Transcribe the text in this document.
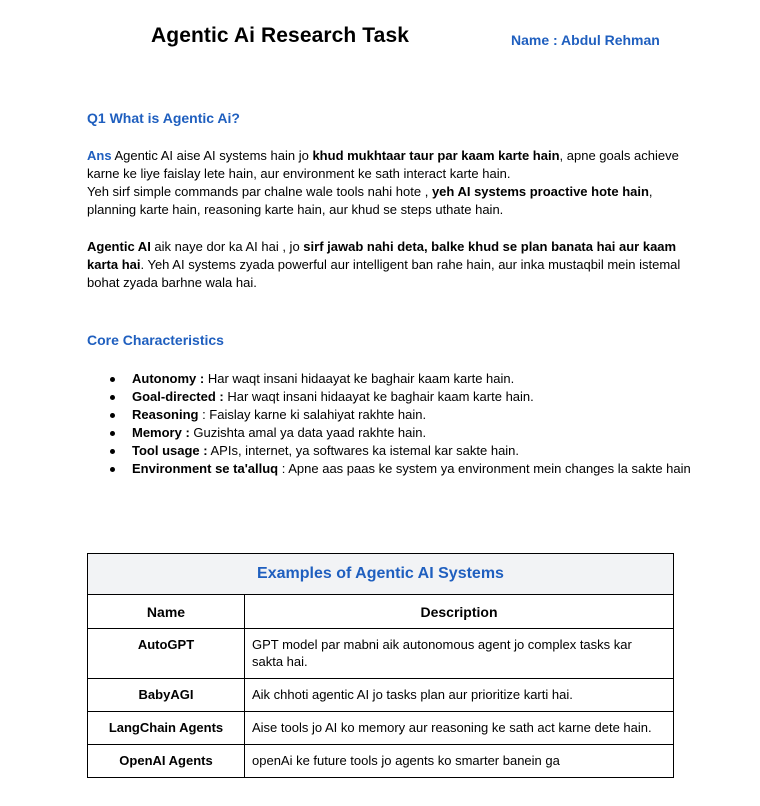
Agentic Ai Research Task	Name : Abdul Rehman
Q1 What is Agentic Ai?
Ans Agentic AI aise AI systems hain jo khud mukhtaar taur par kaam karte hain, apne goals achieve karne ke liye faislay lete hain, aur environment ke sath interact karte hain.
Yeh sirf simple commands par chalne wale tools nahi hote , yeh AI systems proactive hote hain, planning karte hain, reasoning karte hain, aur khud se steps uthate hain.
Agentic AI aik naye dor ka AI hai , jo sirf jawab nahi deta, balke khud se plan banata hai aur kaam karta hai. Yeh AI systems zyada powerful aur intelligent ban rahe hain, aur inka mustaqbil mein istemal bohat zyada barhne wala hai.
Core Characteristics
Autonomy : Har waqt insani hidaayat ke baghair kaam karte hain.
Goal-directed : Har waqt insani hidaayat ke baghair kaam karte hain.
Reasoning : Faislay karne ki salahiyat rakhte hain.
Memory : Guzishta amal ya data yaad rakhte hain.
Tool usage : APIs, internet, ya softwares ka istemal kar sakte hain.
Environment se ta'alluq : Apne aas paas ke system ya environment mein changes la sakte hain
Examples of Agentic AI Systems	
Name	Description
AutoGPT	GPT model par mabni aik autonomous agent jo complex tasks kar sakta hai.
BabyAGI	Aik chhoti agentic AI jo tasks plan aur prioritize karti hai.
LangChain Agents	Aise tools jo AI ko memory aur reasoning ke sath act karne dete hain.
OpenAI Agents	openAi ke future tools jo agents ko smarter banein ga
